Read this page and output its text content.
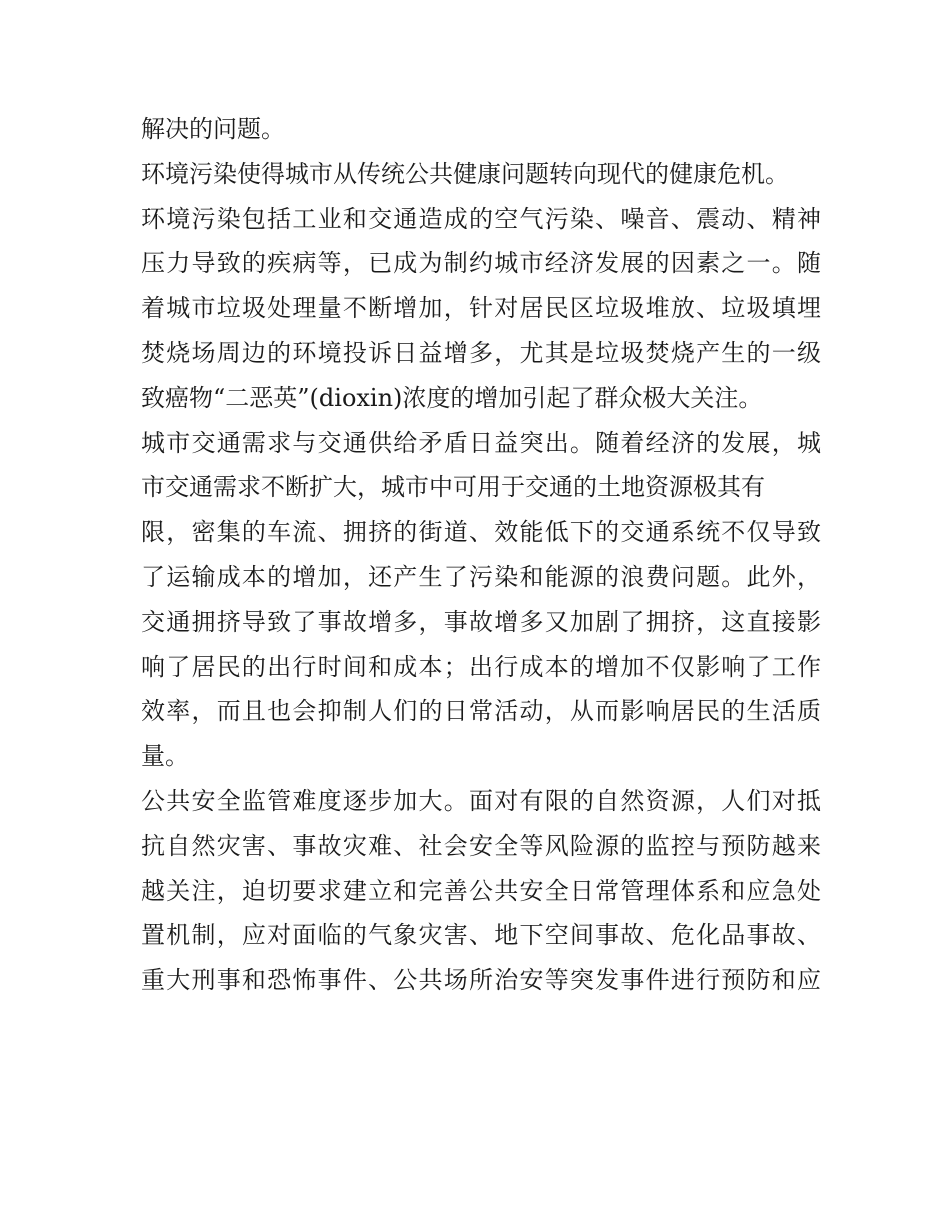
解决的问题。
环境污染使得城市从传统公共健康问题转向现代的健康危机。
环境污染包括工业和交通造成的空气污染、噪音、震动、精神
压力导致的疾病等，已成为制约城市经济发展的因素之一。随
着城市垃圾处理量不断增加，针对居民区垃圾堆放、垃圾填埋
焚烧场周边的环境投诉日益增多，尤其是垃圾焚烧产生的一级
致癌物“二恶英”(dioxin)浓度的增加引起了群众极大关注。
城市交通需求与交通供给矛盾日益突出。随着经济的发展，城
市交通需求不断扩大，城市中可用于交通的土地资源极其有
限，密集的车流、拥挤的街道、效能低下的交通系统不仅导致
了运输成本的增加，还产生了污染和能源的浪费问题。此外，
交通拥挤导致了事故增多，事故增多又加剧了拥挤，这直接影
响了居民的出行时间和成本；出行成本的增加不仅影响了工作
效率，而且也会抑制人们的日常活动，从而影响居民的生活质
量。
公共安全监管难度逐步加大。面对有限的自然资源，人们对抵
抗自然灾害、事故灾难、社会安全等风险源的监控与预防越来
越关注，迫切要求建立和完善公共安全日常管理体系和应急处
置机制，应对面临的气象灾害、地下空间事故、危化品事故、
重大刑事和恐怖事件、公共场所治安等突发事件进行预防和应
